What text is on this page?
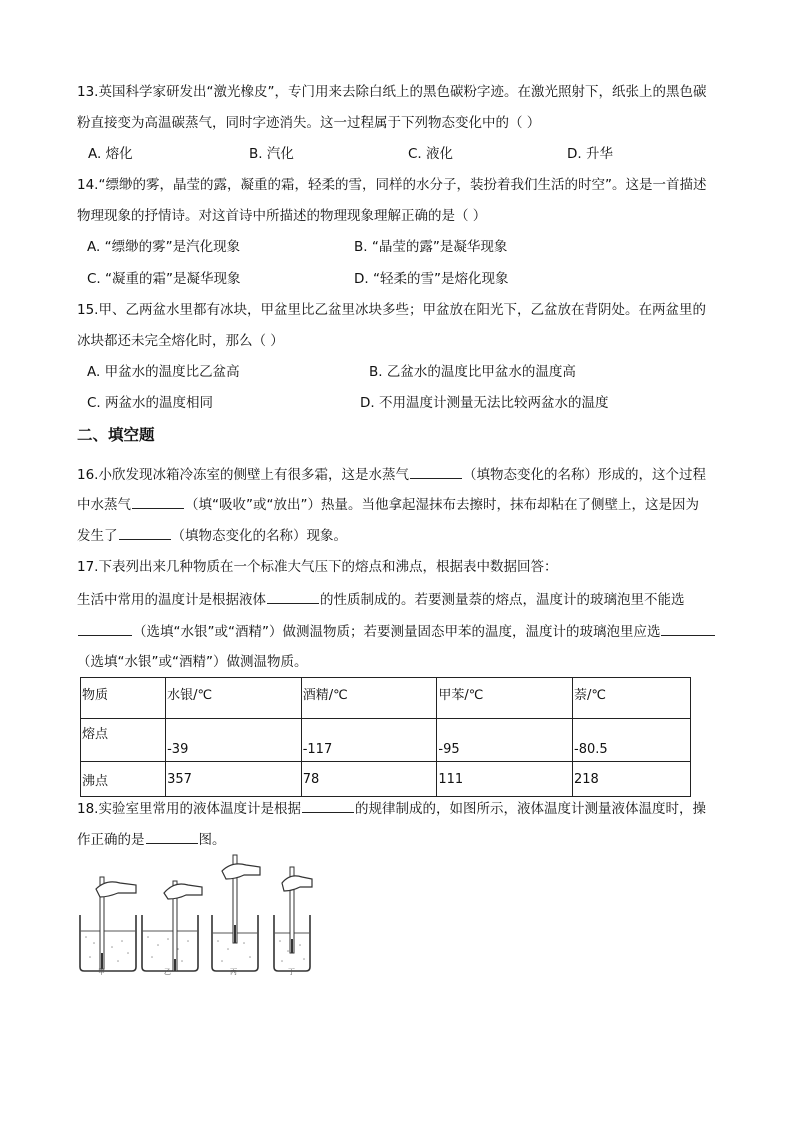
13.英国科学家研发出“激光橡皮”，专门用来去除白纸上的黑色碳粉字迹。在激光照射下，纸张上的黑色碳
粉直接变为高温碳蒸气，同时字迹消失。这一过程属于下列物态变化中的（ ）
A. 熔化	B. 汽化	C. 液化	D. 升华
14.“缥缈的雾，晶莹的露，凝重的霜，轻柔的雪，同样的水分子，装扮着我们生活的时空”。这是一首描述
物理现象的抒情诗。对这首诗中所描述的物理现象理解正确的是（ ）
A. “缥缈的雾”是汽化现象	B. “晶莹的露”是凝华现象
C. “凝重的霜”是凝华现象	D. “轻柔的雪”是熔化现象
15.甲、乙两盆水里都有冰块，甲盆里比乙盆里冰块多些；甲盆放在阳光下，乙盆放在背阴处。在两盆里的
冰块都还未完全熔化时，那么（ ）
A. 甲盆水的温度比乙盆高	B. 乙盆水的温度比甲盆水的温度高
C. 两盆水的温度相同	D. 不用温度计测量无法比较两盆水的温度
二、填空题
16.小欣发现冰箱冷冻室的侧壁上有很多霜，这是水蒸气	（填物态变化的名称）形成的，这个过程
中水蒸气	（填“吸收”或“放出”）热量。当他拿起湿抹布去擦时，抹布却粘在了侧壁上，这是因为
发生了	（填物态变化的名称）现象。
17.下表列出来几种物质在一个标准大气压下的熔点和沸点，根据表中数据回答：
生活中常用的温度计是根据液体	的性质制成的。若要测量萘的熔点，温度计的玻璃泡里不能选
（选填“水银”或“酒精”）做测温物质；若要测量固态甲苯的温度，温度计的玻璃泡里应选
（选填“水银”或“酒精”）做测温物质。
物质	水银/℃	酒精/℃	甲苯/℃	萘/℃
熔点	-39	-117	-95	-80.5
沸点	357	78	111	218
18.实验室里常用的液体温度计是根据	的规律制成的，如图所示，液体温度计测量液体温度时，操
作正确的是	图。
甲	乙	丙	丁
